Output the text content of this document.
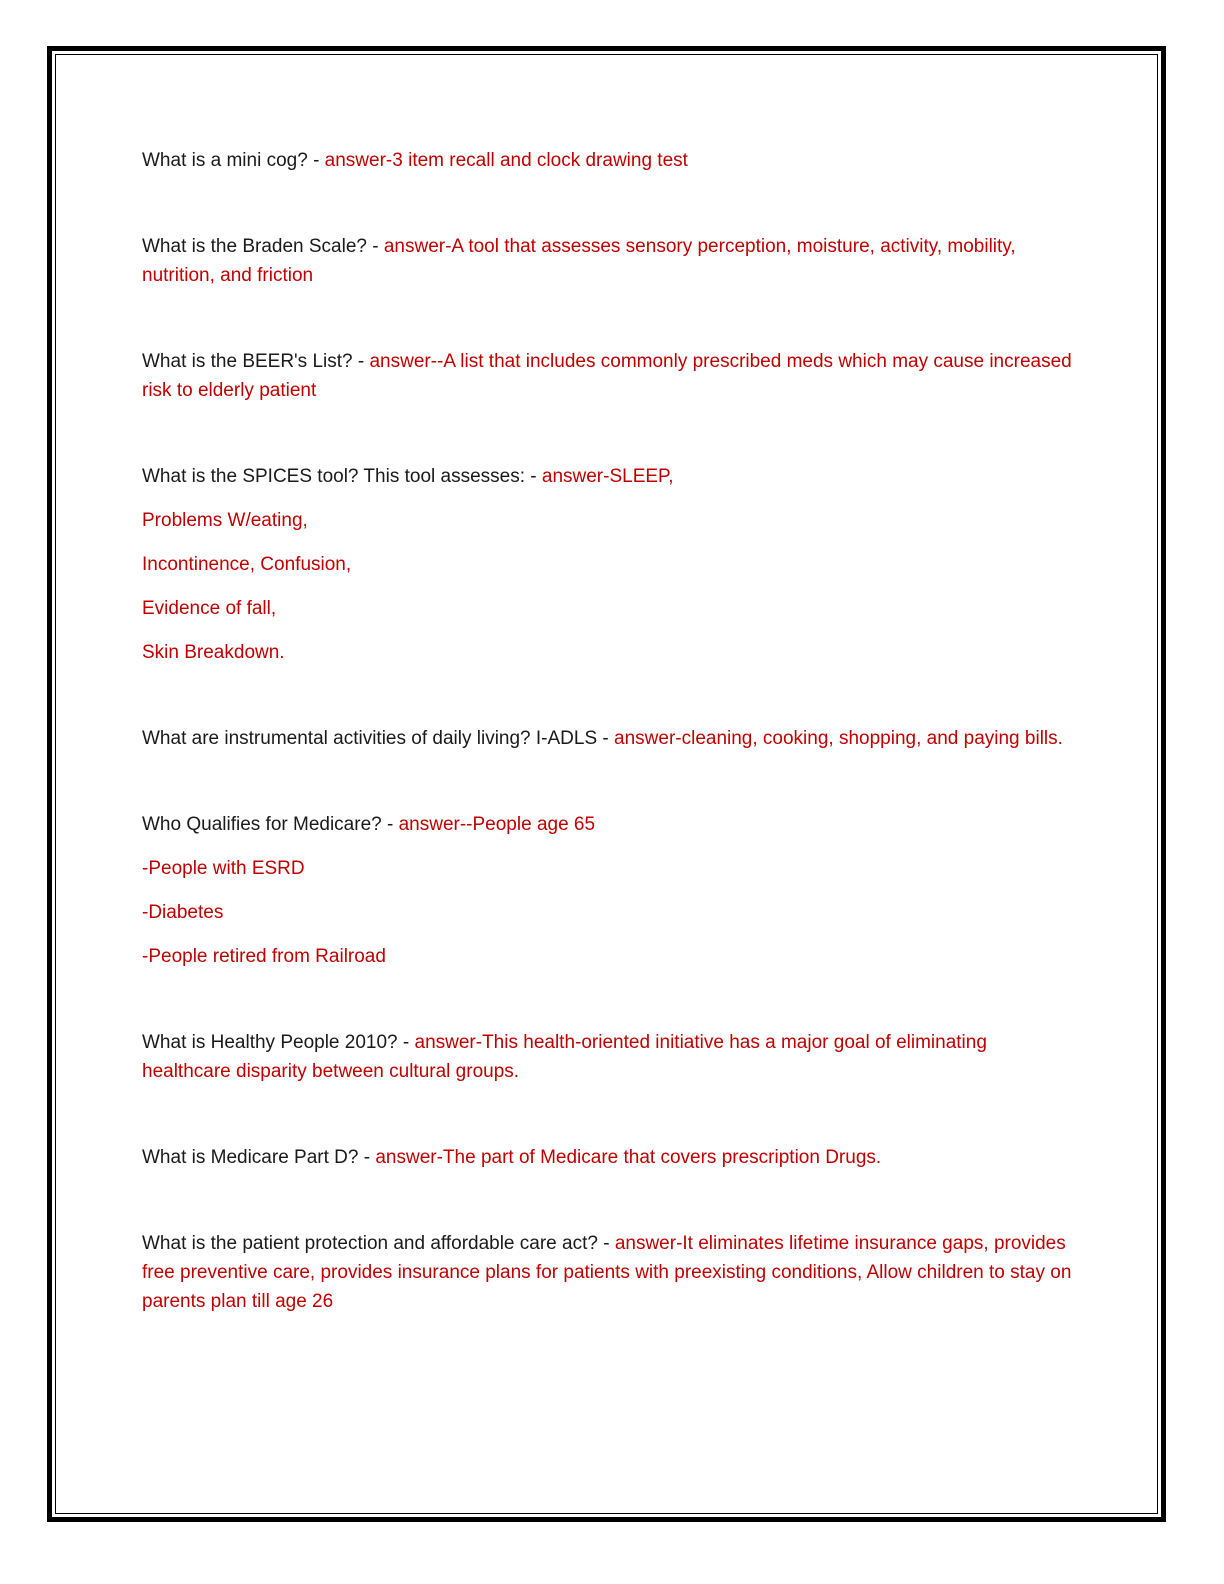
What is a mini cog? - answer-3 item recall and clock drawing test

What is the Braden Scale? - answer-A tool that assesses sensory perception, moisture, activity, mobility, nutrition, and friction

What is the BEER's List? - answer--A list that includes commonly prescribed meds which may cause increased risk to elderly patient

What is the SPICES tool? This tool assesses: - answer-SLEEP,

Problems W/eating,

Incontinence, Confusion,

Evidence of fall,

Skin Breakdown.

What are instrumental activities of daily living? I-ADLS - answer-cleaning, cooking, shopping, and paying bills.

Who Qualifies for Medicare? - answer--People age 65

-People with ESRD

-Diabetes

-People retired from Railroad

What is Healthy People 2010? - answer-This health-oriented initiative has a major goal of eliminating healthcare disparity between cultural groups.

What is Medicare Part D? - answer-The part of Medicare that covers prescription Drugs.

What is the patient protection and affordable care act? - answer-It eliminates lifetime insurance gaps, provides free preventive care, provides insurance plans for patients with preexisting conditions, Allow children to stay on parents plan till age 26
